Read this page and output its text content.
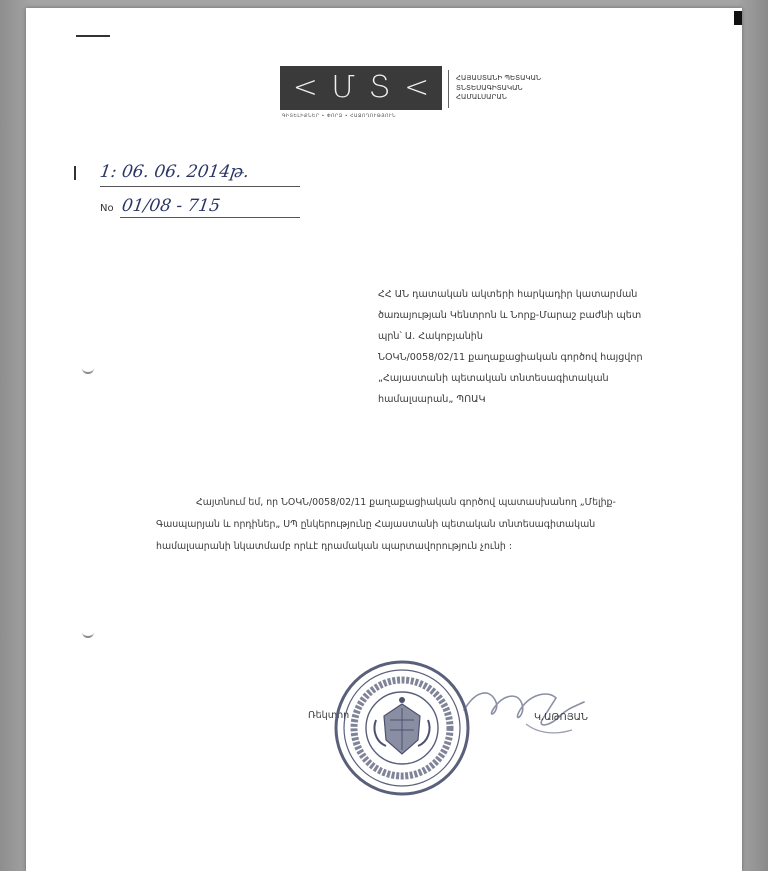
< Մ Տ <
ԳԻՏԵԼԻՔՆԵՐ • ՓՈՐՁ • ՀԱՋՈՂՈՒԹՅՈՒՆ
ՀԱՅԱՍՏԱՆԻ ՊԵՏԱԿԱՆ
ՏՆՏԵՍԱԳԻՏԱԿԱՆ
ՀԱՄԱԼՍԱՐԱՆ
1: 06. 06. 2014թ.
No 01/08 - 715
ՀՀ ԱՆ դատական ակտերի հարկադիր կատարման
ծառայության Կենտրոն և Նորք-Մարաշ բաժնի պետ
պրն՝ Ա. Հակոբյանին
ՆՕԿՆ/0058/02/11 քաղաքացիական գործով հայցվոր
„Հայաստանի պետական տնտեսագիտական
համալսարան„ ՊՈԱԿ
Հայտնում եմ, որ ՆՕԿՆ/0058/02/11 քաղաքացիական գործով պատասխանող „Մելիք-
Գասպարյան և որդիներ„ ՍՊ ընկերությունը Հայաստանի պետական տնտեսագիտական
համալսարանի նկատմամբ որևէ դրամական պարտավորություն չունի :
Ռեկտոր	Կ.ԱԹՈՅԱՆ
